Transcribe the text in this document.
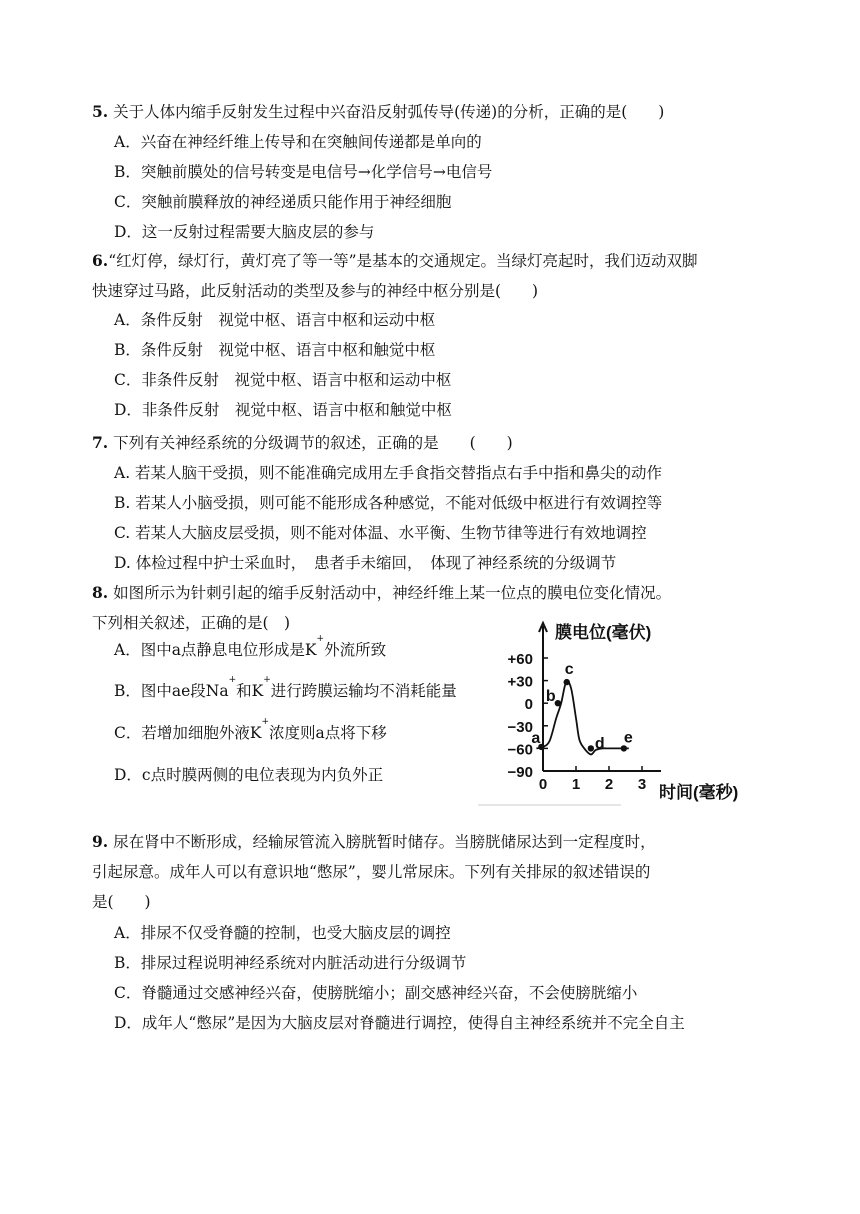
5. 关于人体内缩手反射发生过程中兴奋沿反射弧传导(传递)的分析，正确的是(　　)
A．兴奋在神经纤维上传导和在突触间传递都是单向的
B．突触前膜处的信号转变是电信号→化学信号→电信号
C．突触前膜释放的神经递质只能作用于神经细胞
D．这一反射过程需要大脑皮层的参与
6.“红灯停，绿灯行，黄灯亮了等一等”是基本的交通规定。当绿灯亮起时，我们迈动双脚
快速穿过马路，此反射活动的类型及参与的神经中枢分别是(　　)
A．条件反射　视觉中枢、语言中枢和运动中枢
B．条件反射　视觉中枢、语言中枢和触觉中枢
C．非条件反射　视觉中枢、语言中枢和运动中枢
D．非条件反射　视觉中枢、语言中枢和触觉中枢
7. 下列有关神经系统的分级调节的叙述，正确的是　　(　　)
A. 若某人脑干受损，则不能准确完成用左手食指交替指点右手中指和鼻尖的动作
B. 若某人小脑受损，则可能不能形成各种感觉，不能对低级中枢进行有效调控等
C. 若某人大脑皮层受损，则不能对体温、水平衡、生物节律等进行有效地调控
D. 体检过程中护士采血时，　患者手未缩回，　体现了神经系统的分级调节
8. 如图所示为针刺引起的缩手反射活动中，神经纤维上某一位点的膜电位变化情况。
下列相关叙述，正确的是(　)
A．图中a点静息电位形成是K+外流所致
B．图中ae段Na+和K+进行跨膜运输均不消耗能量
C．若增加细胞外液K+浓度则a点将下移
D．c点时膜两侧的电位表现为内负外正
膜电位(毫伏)
时间(毫秒)
+60
+30
0
−30
−60
−90
0 1 2 3
a
b
c
d e
9. 尿在肾中不断形成，经输尿管流入膀胱暂时储存。当膀胱储尿达到一定程度时，
引起尿意。成年人可以有意识地“憋尿”，婴儿常尿床。下列有关排尿的叙述错误的
是(　　)
A．排尿不仅受脊髓的控制，也受大脑皮层的调控
B．排尿过程说明神经系统对内脏活动进行分级调节
C．脊髓通过交感神经兴奋，使膀胱缩小；副交感神经兴奋，不会使膀胱缩小
D．成年人“憋尿”是因为大脑皮层对脊髓进行调控，使得自主神经系统并不完全自主
